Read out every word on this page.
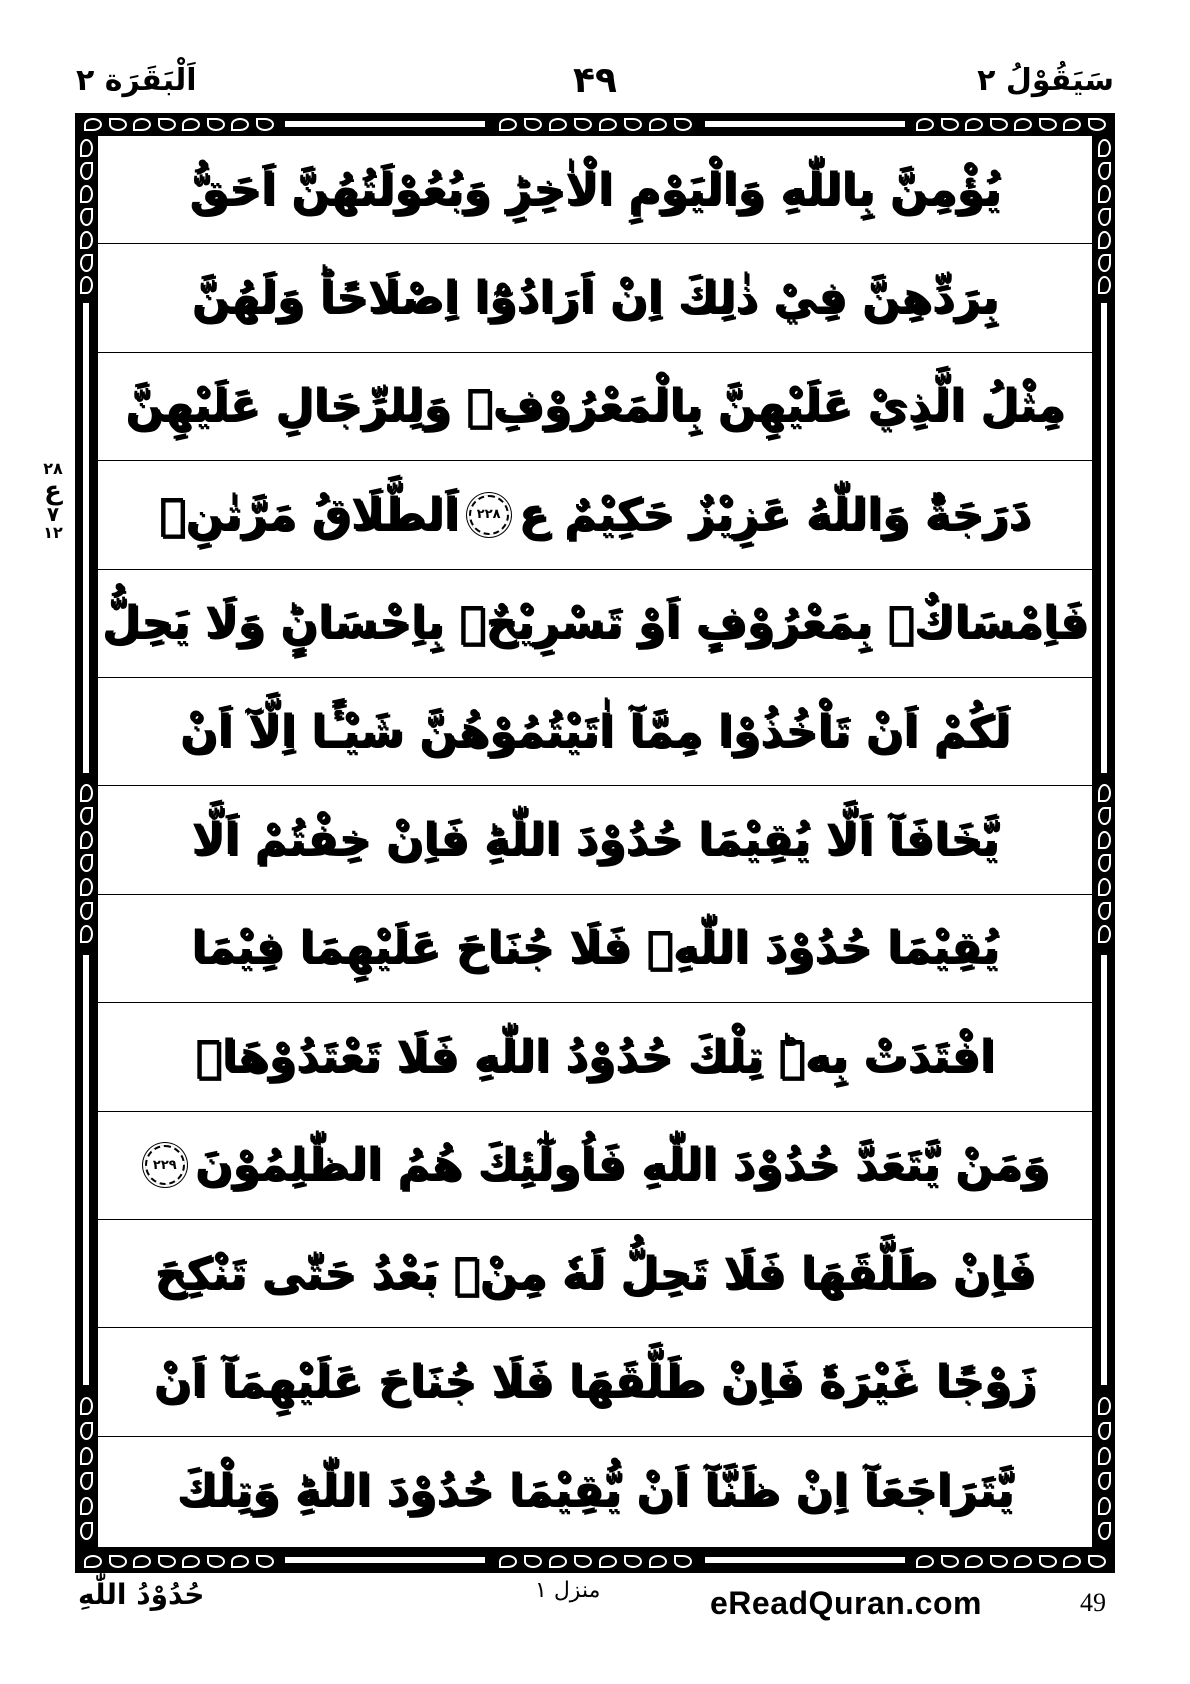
اَلْبَقَرَة ۲	۴۹	سَيَقُوْلُ ۲
۲۸
ع
۷
۱۲
يُؤْمِنَّ بِاللّٰهِ وَالْيَوْمِ الْاٰخِرِؕ وَبُعُوْلَتُهُنَّ اَحَقُّ
بِرَدِّهِنَّ فِيْ ذٰلِكَ اِنْ اَرَادُوْٓا اِصْلَاحًاؕ وَلَهُنَّ
مِثْلُ الَّذِيْ عَلَيْهِنَّ بِالْمَعْرُوْفِ۪ وَلِلرِّجَالِ عَلَيْهِنَّ
دَرَجَةٌؕ وَاللّٰهُ عَزِيْزٌ حَكِيْمٌ ع
۲۲۸
اَلطَّلَاقُ مَرَّتٰنِ۪
فَاِمْسَاكٌۢ بِمَعْرُوْفٍ اَوْ تَسْرِيْحٌۢ بِاِحْسَانٍؕ وَلَا يَحِلُّ
لَكُمْ اَنْ تَاْخُذُوْا مِمَّآ اٰتَيْتُمُوْهُنَّ شَيْـًٔا اِلَّآ اَنْ
يَّخَافَآ اَلَّا يُقِيْمَا حُدُوْدَ اللّٰهِؕ فَاِنْ خِفْتُمْ اَلَّا
يُقِيْمَا حُدُوْدَ اللّٰهِۙ فَلَا جُنَاحَ عَلَيْهِمَا فِيْمَا
افْتَدَتْ بِهٖؕ تِلْكَ حُدُوْدُ اللّٰهِ فَلَا تَعْتَدُوْهَاۚ
وَمَنْ يَّتَعَدَّ حُدُوْدَ اللّٰهِ فَاُولٰٓئِكَ هُمُ الظّٰلِمُوْنَ
۲۲۹
فَاِنْ طَلَّقَهَا فَلَا تَحِلُّ لَهٗ مِنْۢ بَعْدُ حَتّٰى تَنْكِحَ
زَوْجًا غَيْرَهٗؕ فَاِنْ طَلَّقَهَا فَلَا جُنَاحَ عَلَيْهِمَآ اَنْ
يَّتَرَاجَعَآ اِنْ ظَنَّآ اَنْ يُّقِيْمَا حُدُوْدَ اللّٰهِؕ وَتِلْكَ
حُدُوْدُ اللّٰهِ	منزل ۱	eReadQuran.com	49
